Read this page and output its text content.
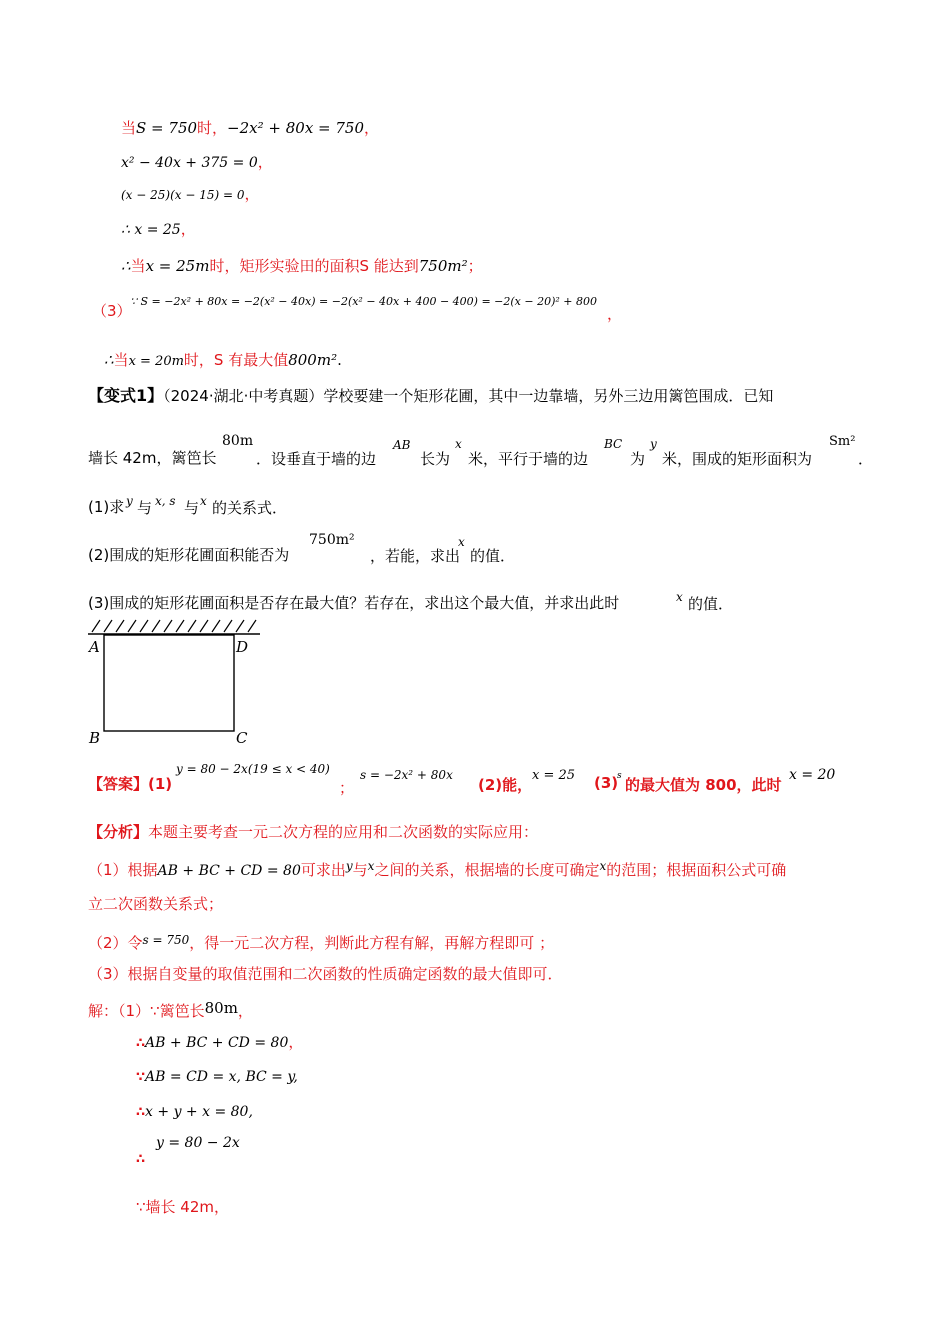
当S = 750时，−2x² + 80x = 750，
x² − 40x + 375 = 0，
(x − 25)(x − 15) = 0，
∴ x = 25，
∴当x = 25m时，矩形实验田的面积S 能达到750m²；
（3）
∵ S = −2x² + 80x = −2(x² − 40x) = −2(x² − 40x + 400 − 400) = −2(x − 20)² + 800
，
∴当x = 20m时，S 有最大值800m².
【变式1】（2024·湖北·中考真题）学校要建一个矩形花圃，其中一边靠墙，另外三边用篱笆围成．已知
墙长 42m，篱笆长
80m
．设垂直于墙的边
AB
长为
x
米，平行于墙的边
BC
为
y
米，围成的矩形面积为
Sm²
．
(1)求 y 与 x, s 与 x 的关系式．
(2)围成的矩形花圃面积能否为
750m²
，若能，求出
x
的值．
(3)围成的矩形花圃面积是否存在最大值？若存在，求出这个最大值，并求出此时	x 的值．
A	D
B	C
【答案】(1)
y = 80 − 2x(19 ≤ x < 40)
；
s = −2x² + 80x
(2)能，
x = 25 (3)
s 的最大值为 800，此时
x = 20
【分析】本题主要考查一元二次方程的应用和二次函数的实际应用：
（1）根据AB + BC + CD = 80可求出$^y$与$^x$之间的关系，根据墙的长度可确定$^x$的范围；根据面积公式可确
立二次函数关系式；
（2）令$^{s = 750}$，得一元二次方程，判断此方程有解，再解方程即可 ；
（3）根据自变量的取值范围和二次函数的性质确定函数的最大值即可．
解：（1）∵篱笆长80m，
∴AB + BC + CD = 80，
∵AB = CD = x, BC = y,
∴x + y + x = 80,
y = 80 − 2x
∴
∵墙长 42m，
